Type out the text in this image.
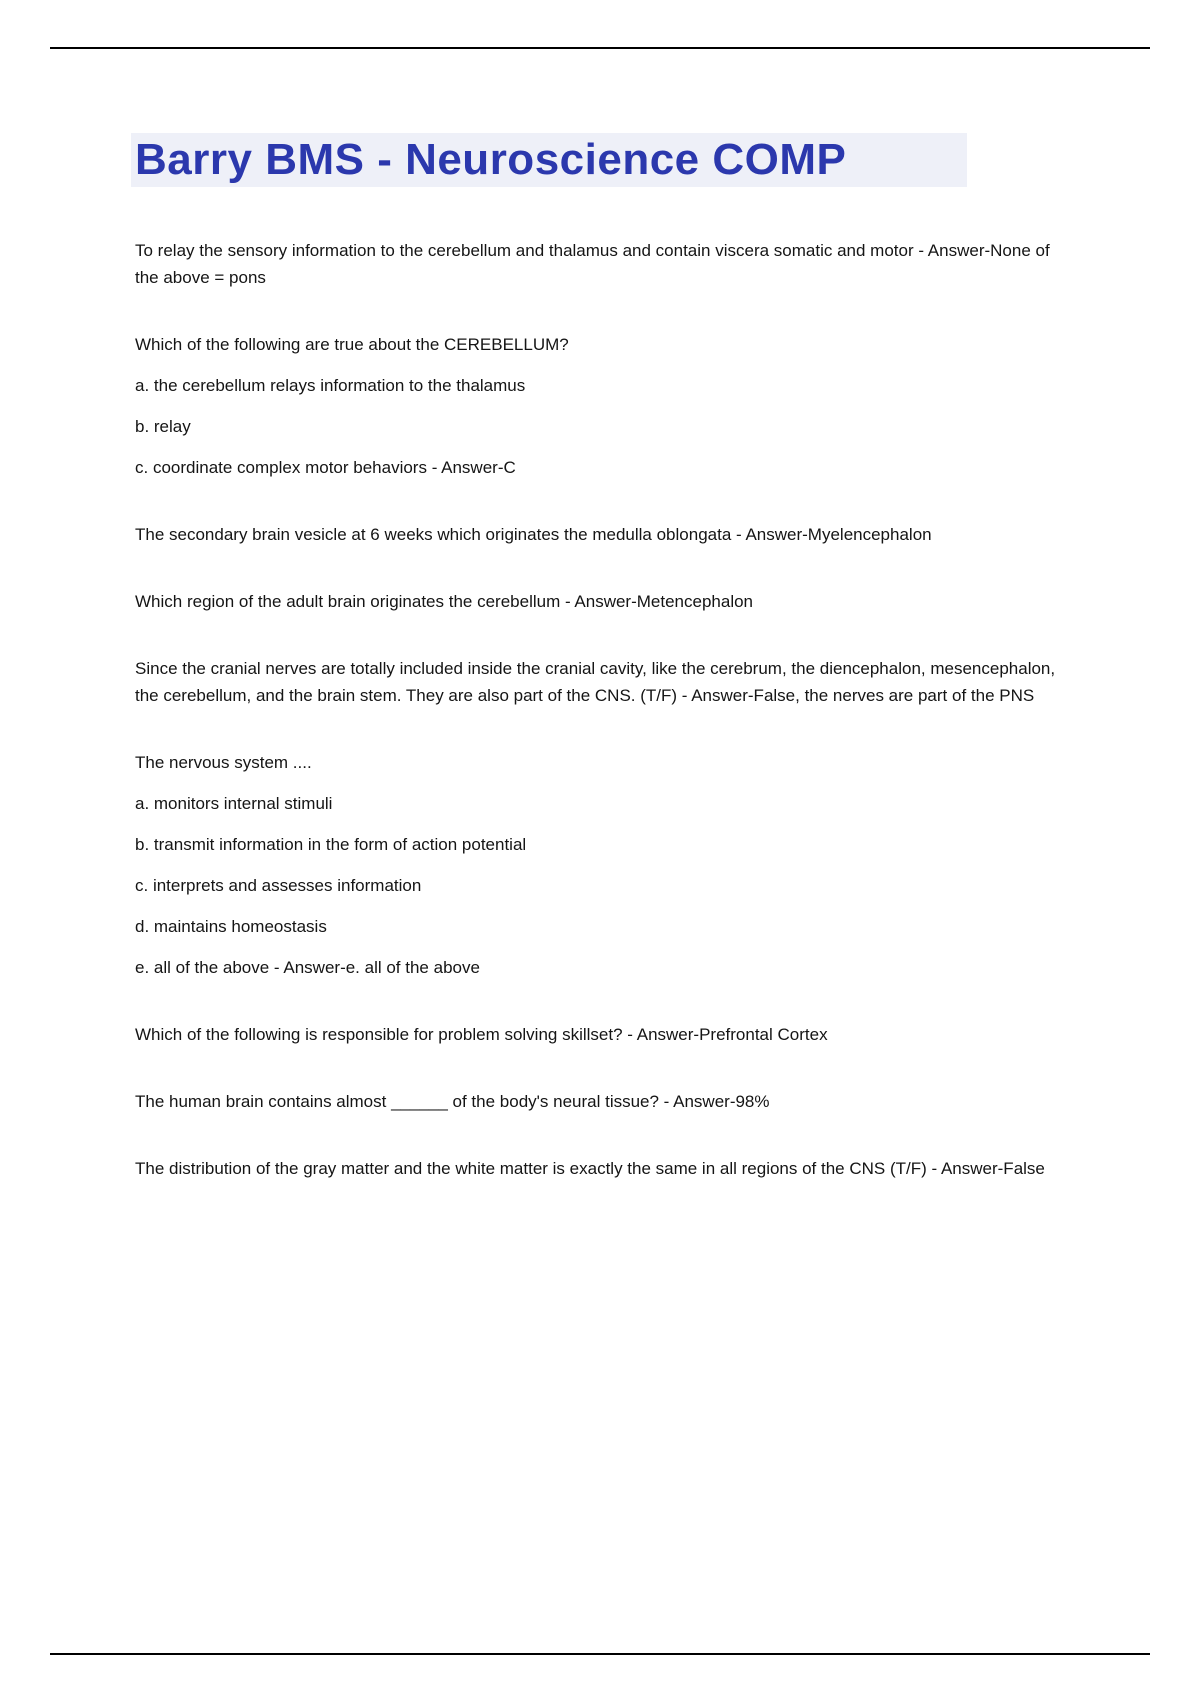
Barry BMS - Neuroscience COMP

To relay the sensory information to the cerebellum and thalamus and contain viscera somatic and motor - Answer-None of the above = pons

Which of the following are true about the CEREBELLUM?

a. the cerebellum relays information to the thalamus

b. relay

c. coordinate complex motor behaviors - Answer-C

The secondary brain vesicle at 6 weeks which originates the medulla oblongata - Answer-Myelencephalon

Which region of the adult brain originates the cerebellum - Answer-Metencephalon

Since the cranial nerves are totally included inside the cranial cavity, like the cerebrum, the diencephalon, mesencephalon, the cerebellum, and the brain stem. They are also part of the CNS. (T/F) - Answer-False, the nerves are part of the PNS

The nervous system ....

a. monitors internal stimuli

b. transmit information in the form of action potential

c. interprets and assesses information

d. maintains homeostasis

e. all of the above - Answer-e. all of the above

Which of the following is responsible for problem solving skillset? - Answer-Prefrontal Cortex

The human brain contains almost ______ of the body's neural tissue? - Answer-98%

The distribution of the gray matter and the white matter is exactly the same in all regions of the CNS (T/F) - Answer-False
